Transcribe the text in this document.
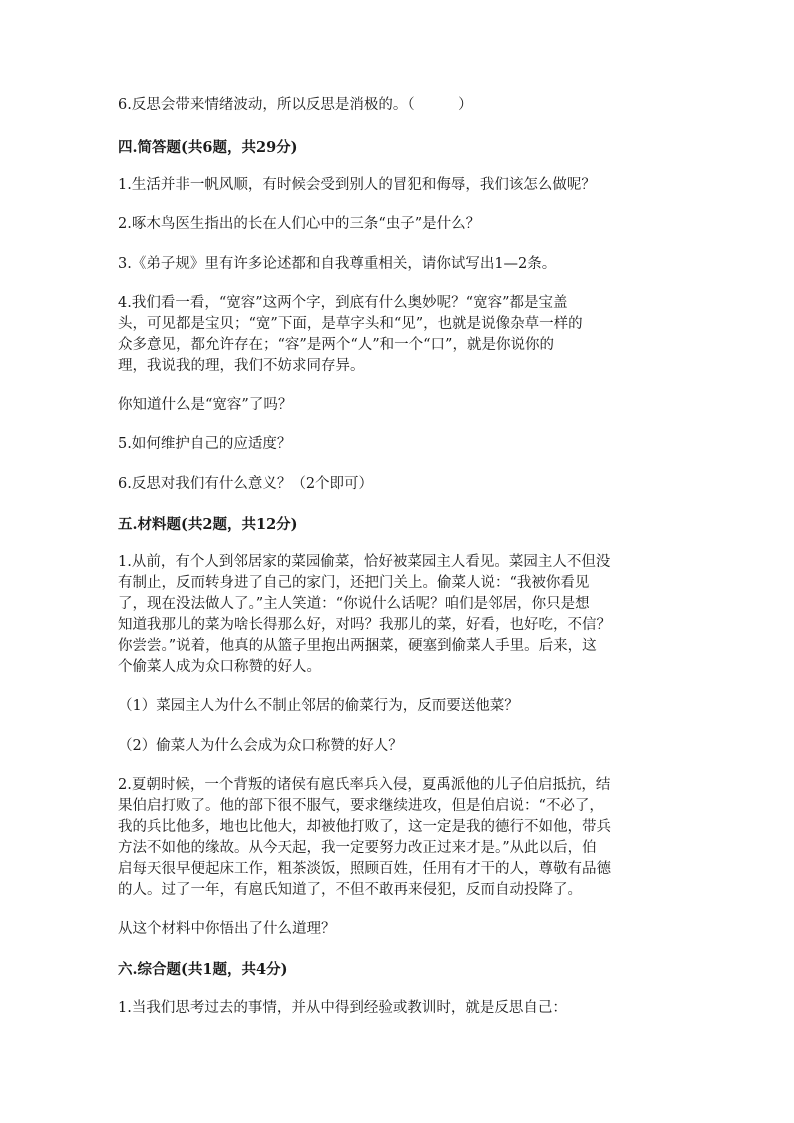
6.反思会带来情绪波动，所以反思是消极的。（　　　）

四.简答题(共6题，共29分)

1.生活并非一帆风顺，有时候会受到别人的冒犯和侮辱，我们该怎么做呢？

2.啄木鸟医生指出的长在人们心中的三条“虫子”是什么？

3.《弟子规》里有许多论述都和自我尊重相关，请你试写出1—2条。

4.我们看一看，“宽容”这两个字，到底有什么奥妙呢？“宽容”都是宝盖
头，可见都是宝贝；“宽”下面，是草字头和“见”，也就是说像杂草一样的
众多意见，都允许存在；“容”是两个“人”和一个“口”，就是你说你的
理，我说我的理，我们不妨求同存异。

你知道什么是“宽容”了吗？

5.如何维护自己的应适度？

6.反思对我们有什么意义？（2个即可）

五.材料题(共2题，共12分)

1.从前，有个人到邻居家的菜园偷菜，恰好被菜园主人看见。菜园主人不但没
有制止，反而转身进了自己的家门，还把门关上。偷菜人说：“我被你看见
了，现在没法做人了。”主人笑道：“你说什么话呢？咱们是邻居，你只是想
知道我那儿的菜为啥长得那么好，对吗？我那儿的菜，好看，也好吃，不信？
你尝尝。”说着，他真的从篮子里抱出两捆菜，硬塞到偷菜人手里。后来，这
个偷菜人成为众口称赞的好人。

（1）菜园主人为什么不制止邻居的偷菜行为，反而要送他菜？

（2）偷菜人为什么会成为众口称赞的好人？

2.夏朝时候，一个背叛的诸侯有扈氏率兵入侵，夏禹派他的儿子伯启抵抗，结
果伯启打败了。他的部下很不服气，要求继续进攻，但是伯启说：“不必了，
我的兵比他多，地也比他大，却被他打败了，这一定是我的德行不如他，带兵
方法不如他的缘故。从今天起，我一定要努力改正过来才是。”从此以后，伯
启每天很早便起床工作，粗茶淡饭，照顾百姓，任用有才干的人，尊敬有品德
的人。过了一年，有扈氏知道了，不但不敢再来侵犯，反而自动投降了。

从这个材料中你悟出了什么道理？

六.综合题(共1题，共4分)

1.当我们思考过去的事情，并从中得到经验或教训时，就是反思自己：
